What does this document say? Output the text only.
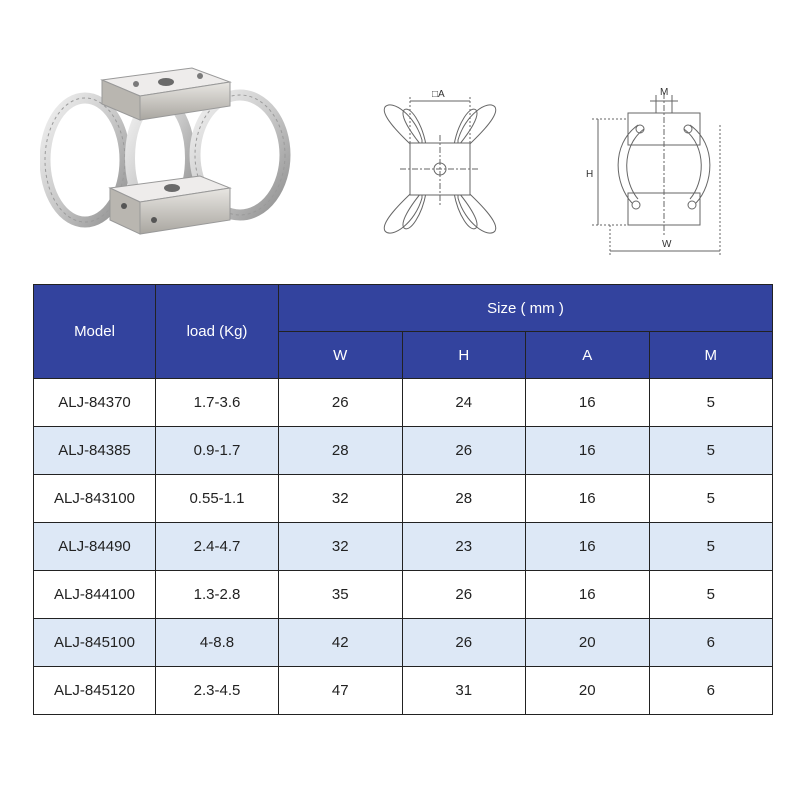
□A	M
H
W
Model	load (Kg)	Size ( mm )			
		W	H	A	M
ALJ-84370	1.7-3.6	26	24	16	5
ALJ-84385	0.9-1.7	28	26	16	5
ALJ-843100	0.55-1.1	32	28	16	5
ALJ-84490	2.4-4.7	32	23	16	5
ALJ-844100	1.3-2.8	35	26	16	5
ALJ-845100	4-8.8	42	26	20	6
ALJ-845120	2.3-4.5	47	31	20	6
